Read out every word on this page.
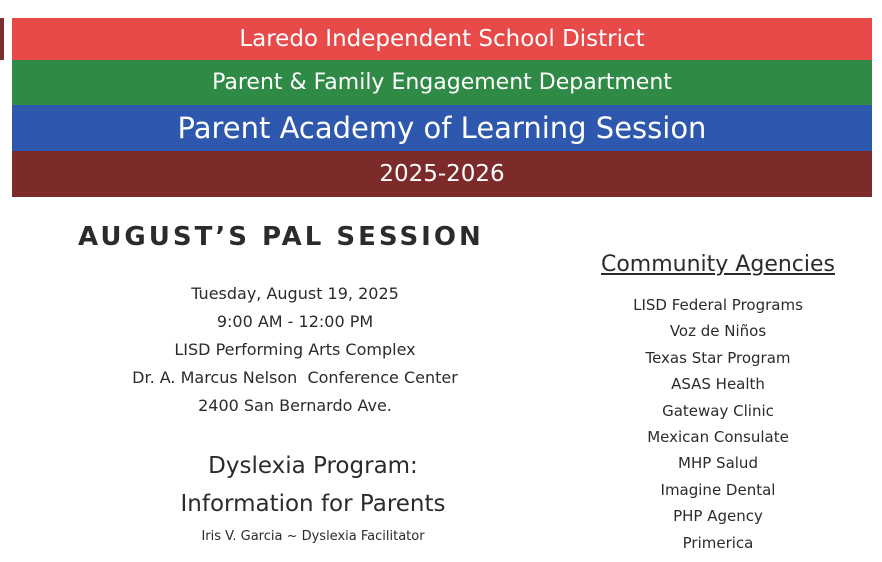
Laredo Independent School District
Parent & Family Engagement Department
Parent Academy of Learning Session
2025-2026
AUGUST’S PAL SESSION
Tuesday, August 19, 2025
9:00 AM - 12:00 PM
LISD Performing Arts Complex
Dr. A. Marcus Nelson  Conference Center
2400 San Bernardo Ave.
Dyslexia Program:
Information for Parents
Iris V. Garcia ~ Dyslexia Facilitator
Community Agencies
LISD Federal Programs
Voz de Niños
Texas Star Program
ASAS Health
Gateway Clinic
Mexican Consulate
MHP Salud
Imagine Dental
PHP Agency
Primerica
